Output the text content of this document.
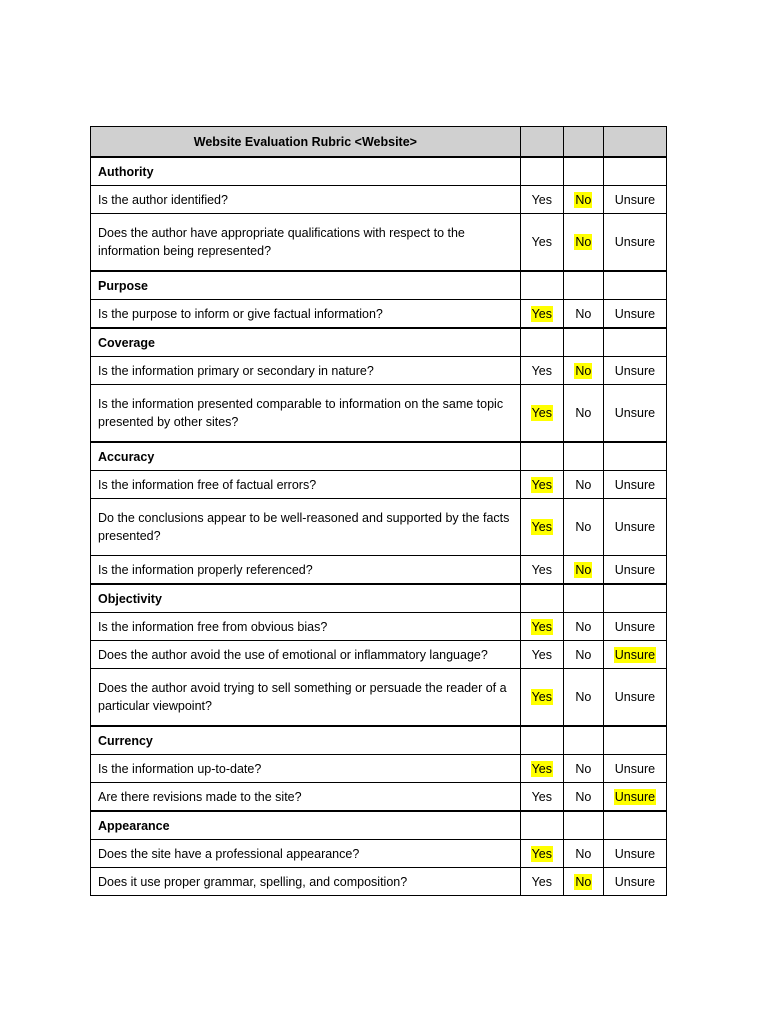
Website Evaluation Rubric <Website>			
Authority			
Is the author identified?	Yes	No	Unsure
Does the author have appropriate qualifications with respect to the information being represented?	Yes	No	Unsure
Purpose			
Is the purpose to inform or give factual information?	Yes	No	Unsure
Coverage			
Is the information primary or secondary in nature?	Yes	No	Unsure
Is the information presented comparable to information on the same topic presented by other sites?	Yes	No	Unsure
Accuracy			
Is the information free of factual errors?	Yes	No	Unsure
Do the conclusions appear to be well-reasoned and supported by the facts presented?	Yes	No	Unsure
Is the information properly referenced?	Yes	No	Unsure
Objectivity			
Is the information free from obvious bias?	Yes	No	Unsure
Does the author avoid the use of emotional or inflammatory language?	Yes	No	Unsure
Does the author avoid trying to sell something or persuade the reader of a particular viewpoint?	Yes	No	Unsure
Currency			
Is the information up-to-date?	Yes	No	Unsure
Are there revisions made to the site?	Yes	No	Unsure
Appearance			
Does the site have a professional appearance?	Yes	No	Unsure
Does it use proper grammar, spelling, and composition?	Yes	No	Unsure
